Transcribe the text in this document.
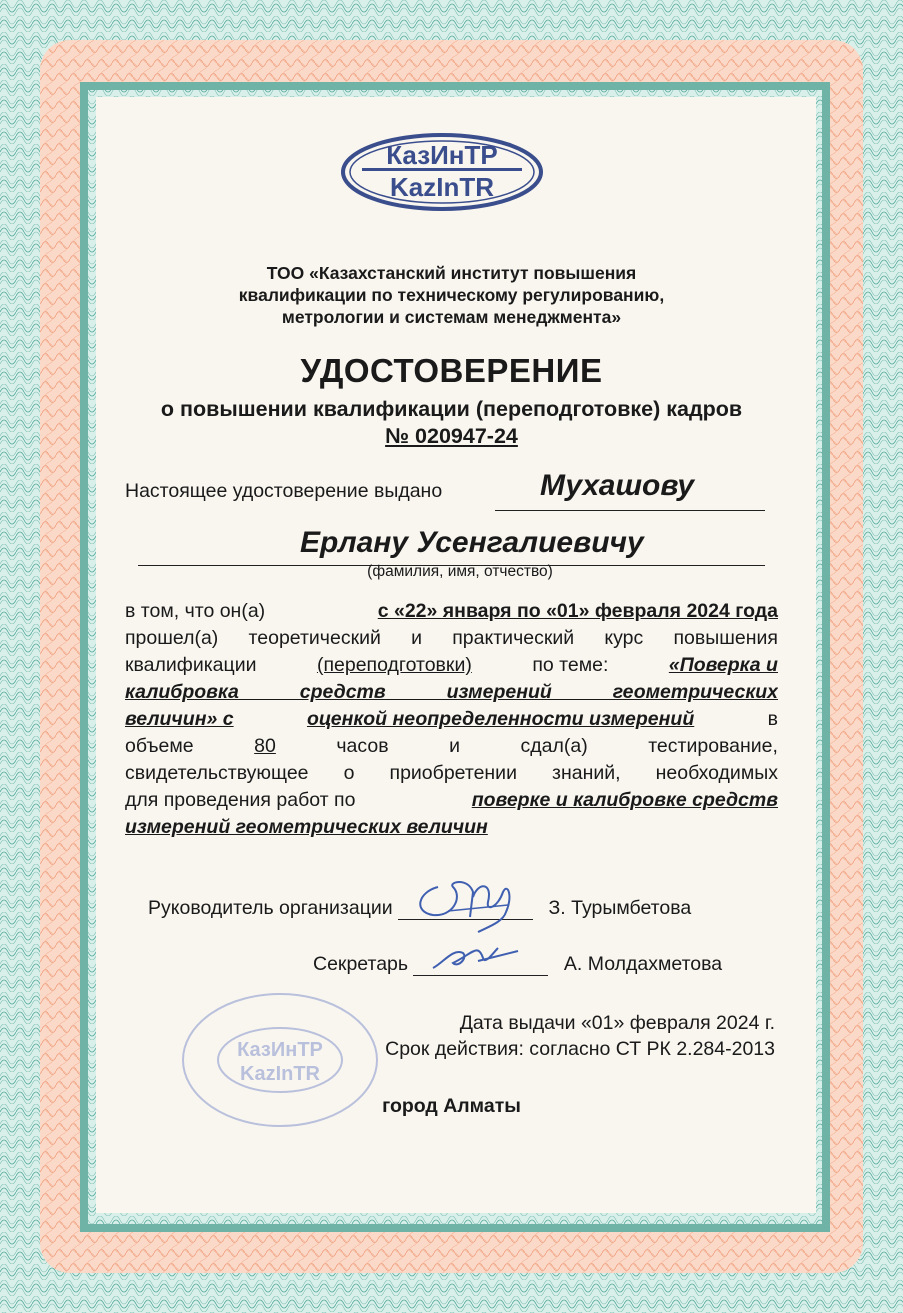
КазИнТР
KazInTR
ТОО «Казахстанский институт повышения
квалификации по техническому регулированию,
метрологии и системам менеджмента»
УДОСТОВЕРЕНИЕ
о повышении квалификации (переподготовке) кадров
№ 020947-24
Настоящее удостоверение выдано	Мухашову
Ерлану Усенгалиевичу
(фамилия, имя, отчество)
в том, что он(а)	с «22» января по «01» февраля 2024 года
прошел(а) теоретический и практический курс повышения
квалификации	(переподготовки)	по теме:	«Поверка и
калибровка средств измерений геометрических
величин» с	оценкой неопределенности измерений	в
объеме	80	часов	и	сдал(а)	тестирование,
свидетельствующее о приобретении знаний, необходимых
для проведения работ по	поверке и калибровке средств
измерений геометрических величин
Руководитель организации	З. Турымбетова
Секретарь	А. Молдахметова
КазИнТР
KazInTR
Дата выдачи «01» февраля 2024 г.
Срок действия: согласно СТ РК 2.284-2013
город Алматы
